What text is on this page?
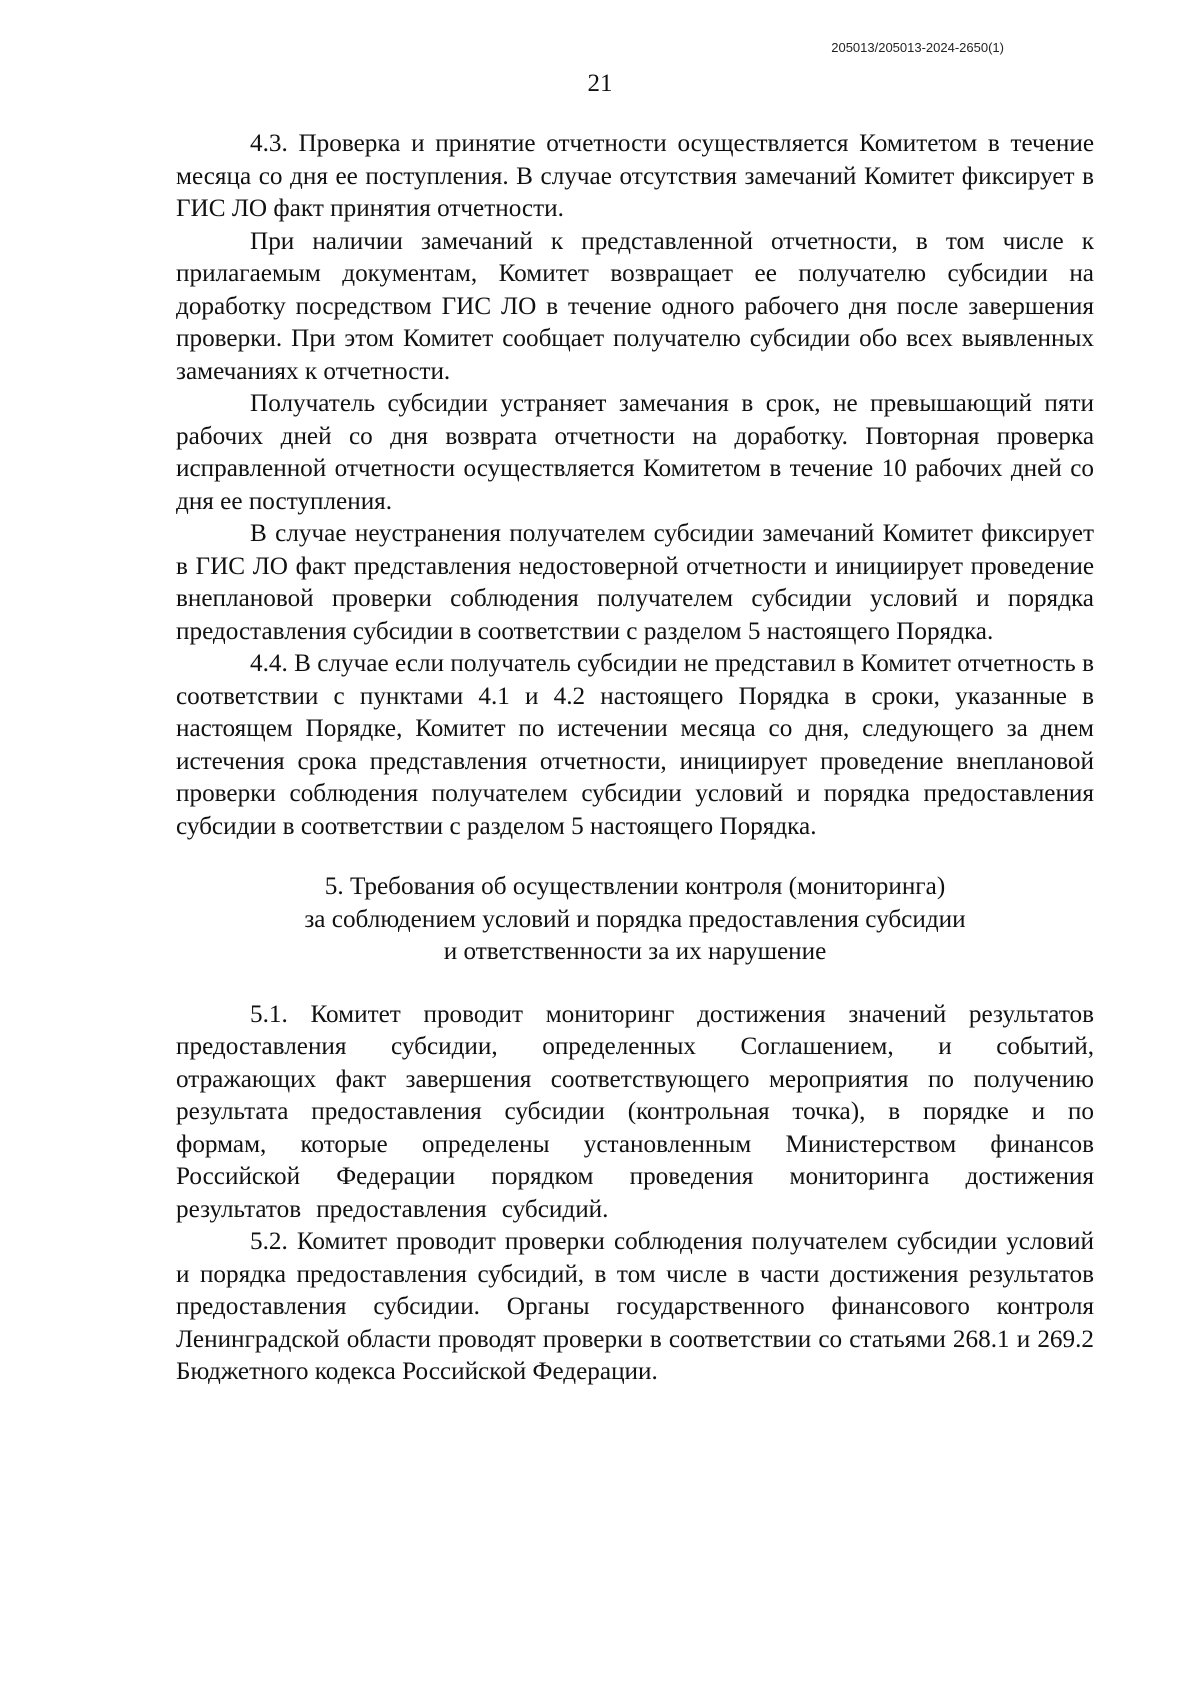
205013/205013-2024-2650(1)
21

4.3. Проверка и принятие отчетности осуществляется Комитетом в течение месяца со дня ее поступления. В случае отсутствия замечаний Комитет фиксирует в ГИС ЛО факт принятия отчетности.

При наличии замечаний к представленной отчетности, в том числе к прилагаемым документам, Комитет возвращает ее получателю субсидии на доработку посредством ГИС ЛО в течение одного рабочего дня после завершения проверки. При этом Комитет сообщает получателю субсидии обо всех выявленных замечаниях к отчетности.

Получатель субсидии устраняет замечания в срок, не превышающий пяти рабочих дней со дня возврата отчетности на доработку. Повторная проверка исправленной отчетности осуществляется Комитетом в течение 10 рабочих дней со дня ее поступления.

В случае неустранения получателем субсидии замечаний Комитет фиксирует в ГИС ЛО факт представления недостоверной отчетности и инициирует проведение внеплановой проверки соблюдения получателем субсидии условий и порядка предоставления субсидии в соответствии с разделом 5 настоящего Порядка.

4.4. В случае если получатель субсидии не представил в Комитет отчетность в соответствии с пунктами 4.1 и 4.2 настоящего Порядка в сроки, указанные в настоящем Порядке, Комитет по истечении месяца со дня, следующего за днем истечения срока представления отчетности, инициирует проведение внеплановой проверки соблюдения получателем субсидии условий и порядка предоставления субсидии в соответствии с разделом 5 настоящего Порядка.

5. Требования об осуществлении контроля (мониторинга)
за соблюдением условий и порядка предоставления субсидии
и ответственности за их нарушение

5.1. Комитет проводит мониторинг достижения значений результатов предоставления субсидии, определенных Соглашением, и событий, отражающих факт завершения соответствующего мероприятия по получению результата предоставления субсидии (контрольная точка), в порядке и по формам, которые определены установленным Министерством финансов Российской Федерации порядком проведения мониторинга достижения результатов предоставления субсидий.

5.2. Комитет проводит проверки соблюдения получателем субсидии условий и порядка предоставления субсидий, в том числе в части достижения результатов предоставления субсидии. Органы государственного финансового контроля Ленинградской области проводят проверки в соответствии со статьями 268.1 и 269.2 Бюджетного кодекса Российской Федерации.
